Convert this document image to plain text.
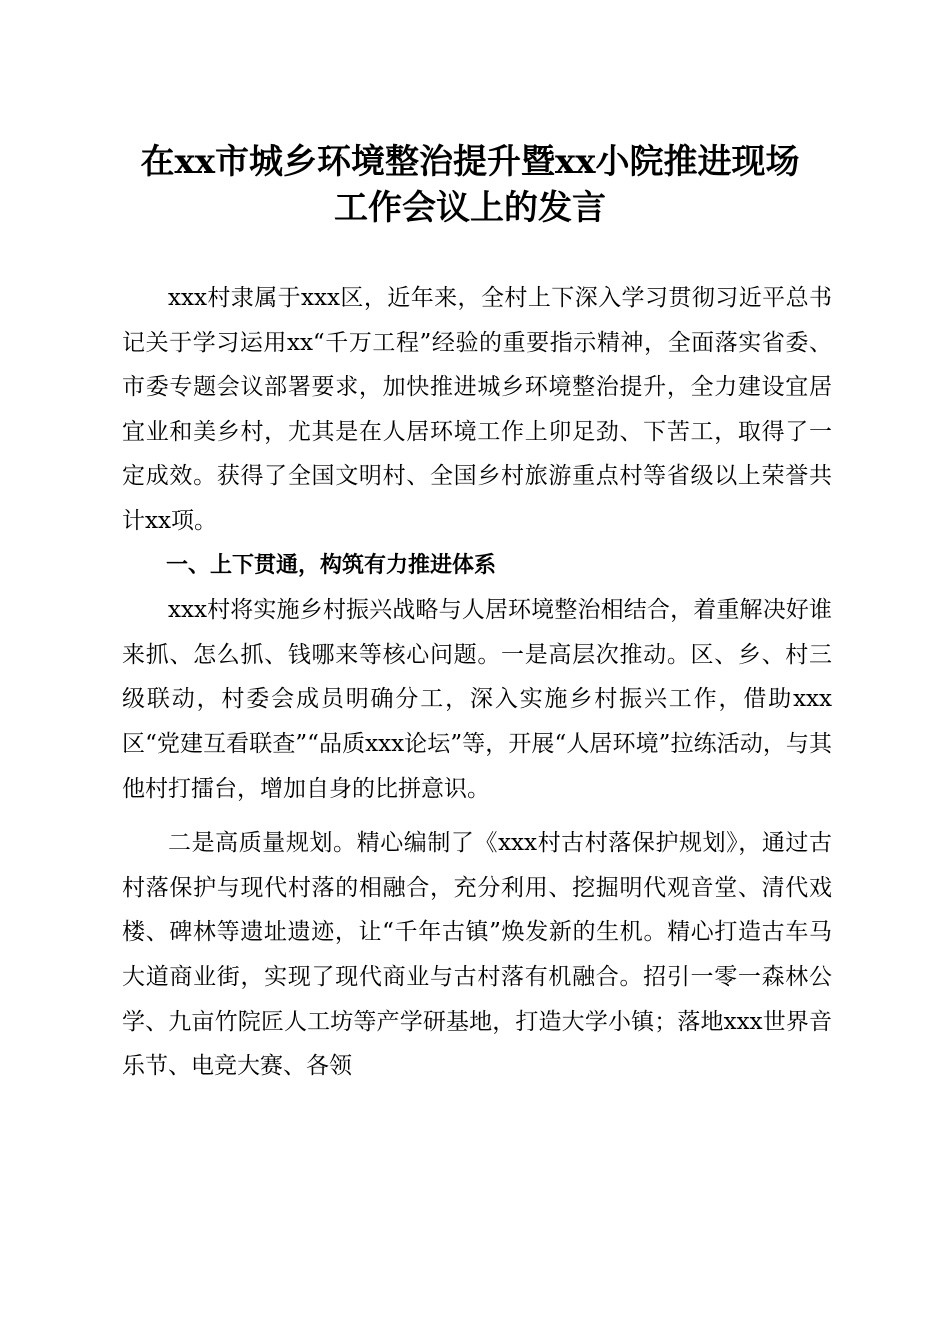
在xx市城乡环境整治提升暨xx小院推进现场
工作会议上的发言

xxx村隶属于xxx区，近年来，全村上下深入学习贯彻习近平总书记关于学习运用xx“千万工程”经验的重要指示精神，全面落实省委、市委专题会议部署要求，加快推进城乡环境整治提升，全力建设宜居宜业和美乡村，尤其是在人居环境工作上卯足劲、下苦工，取得了一定成效。获得了全国文明村、全国乡村旅游重点村等省级以上荣誉共计xx项。

一、上下贯通，构筑有力推进体系

xxx村将实施乡村振兴战略与人居环境整治相结合，着重解决好谁来抓、怎么抓、钱哪来等核心问题。一是高层次推动。区、乡、村三级联动，村委会成员明确分工，深入实施乡村振兴工作，借助xxx区“党建互看联查”“品质xxx论坛”等，开展“人居环境”拉练活动，与其他村打擂台，增加自身的比拼意识。

二是高质量规划。精心编制了《xxx村古村落保护规划》，通过古村落保护与现代村落的相融合，充分利用、挖掘明代观音堂、清代戏楼、碑林等遗址遗迹，让“千年古镇”焕发新的生机。精心打造古车马大道商业街，实现了现代商业与古村落有机融合。招引一零一森林公学、九亩竹院匠人工坊等产学研基地，打造大学小镇；落地xxx世界音乐节、电竞大赛、各领
